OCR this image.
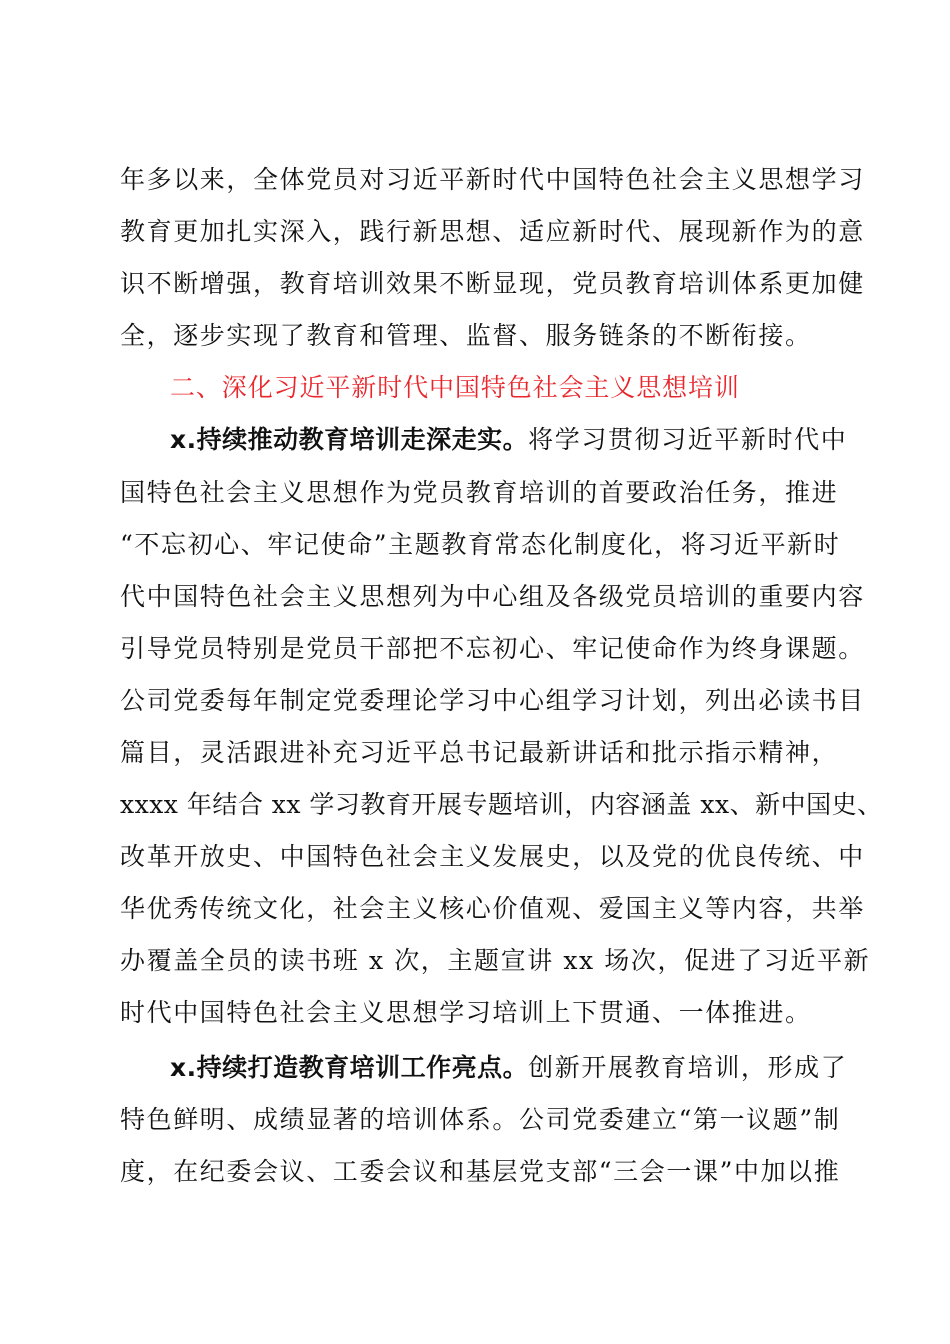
年多以来，全体党员对习近平新时代中国特色社会主义思想学习
教育更加扎实深入，践行新思想、适应新时代、展现新作为的意
识不断增强，教育培训效果不断显现，党员教育培训体系更加健
全，逐步实现了教育和管理、监督、服务链条的不断衔接。
二、深化习近平新时代中国特色社会主义思想培训
x.持续推动教育培训走深走实。将学习贯彻习近平新时代中
国特色社会主义思想作为党员教育培训的首要政治任务，推进
“不忘初心、牢记使命”主题教育常态化制度化，将习近平新时
代中国特色社会主义思想列为中心组及各级党员培训的重要内容
引导党员特别是党员干部把不忘初心、牢记使命作为终身课题。
公司党委每年制定党委理论学习中心组学习计划，列出必读书目
篇目，灵活跟进补充习近平总书记最新讲话和批示指示精神，
xxxx 年结合 xx 学习教育开展专题培训，内容涵盖 xx、新中国史、
改革开放史、中国特色社会主义发展史，以及党的优良传统、中
华优秀传统文化，社会主义核心价值观、爱国主义等内容，共举
办覆盖全员的读书班 x 次，主题宣讲 xx 场次，促进了习近平新
时代中国特色社会主义思想学习培训上下贯通、一体推进。
x.持续打造教育培训工作亮点。创新开展教育培训，形成了
特色鲜明、成绩显著的培训体系。公司党委建立“第一议题”制
度，在纪委会议、工委会议和基层党支部“三会一课”中加以推
